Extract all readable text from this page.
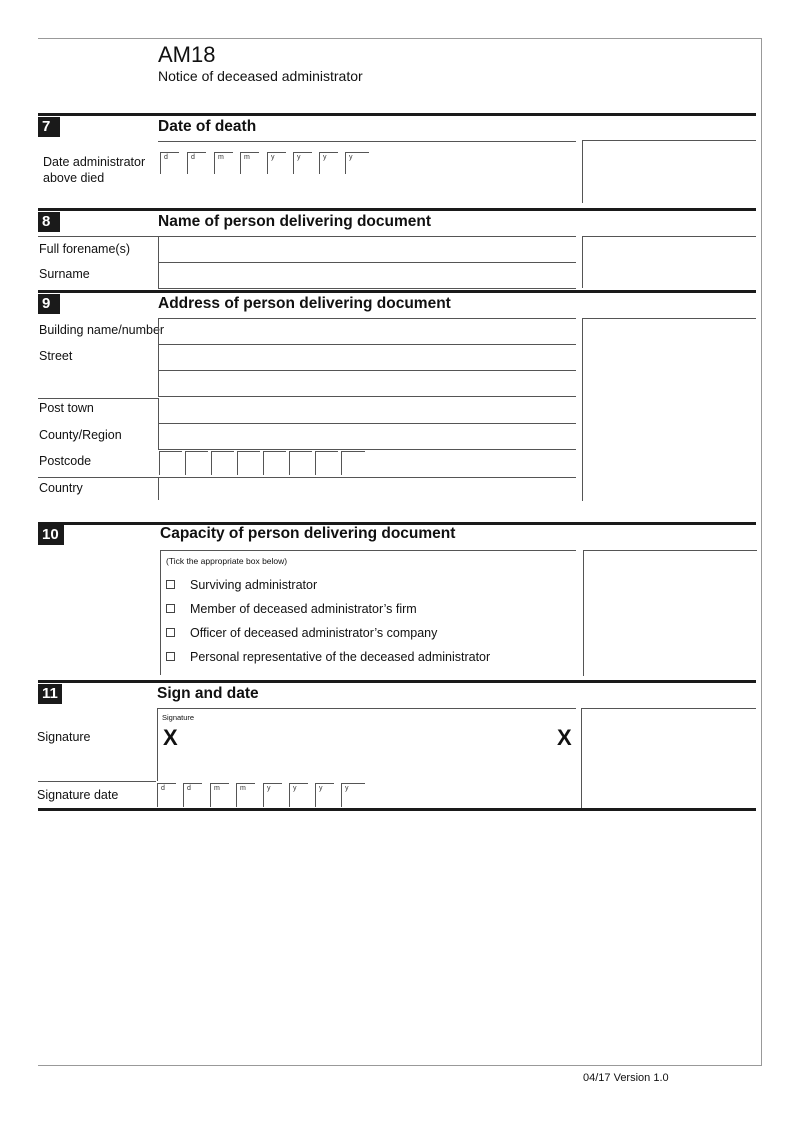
AM18
Notice of deceased administrator
7	Date of death
Date administrator above died
d	d	m	m	y	y	y	y
8	Name of person delivering document
Full forename(s)
Surname
9	Address of person delivering document
Building name/number
Street
Post town
County/Region
Postcode
Country
10	Capacity of person delivering document
(Tick the appropriate box below)
Surviving administrator
Member of deceased administrator’s firm
Officer of deceased administrator’s company
Personal representative of the deceased administrator
11	Sign and date
Signature
Signature
X	X
Signature date	d	d	m	m	y	y	y	y
04/17 Version 1.0
